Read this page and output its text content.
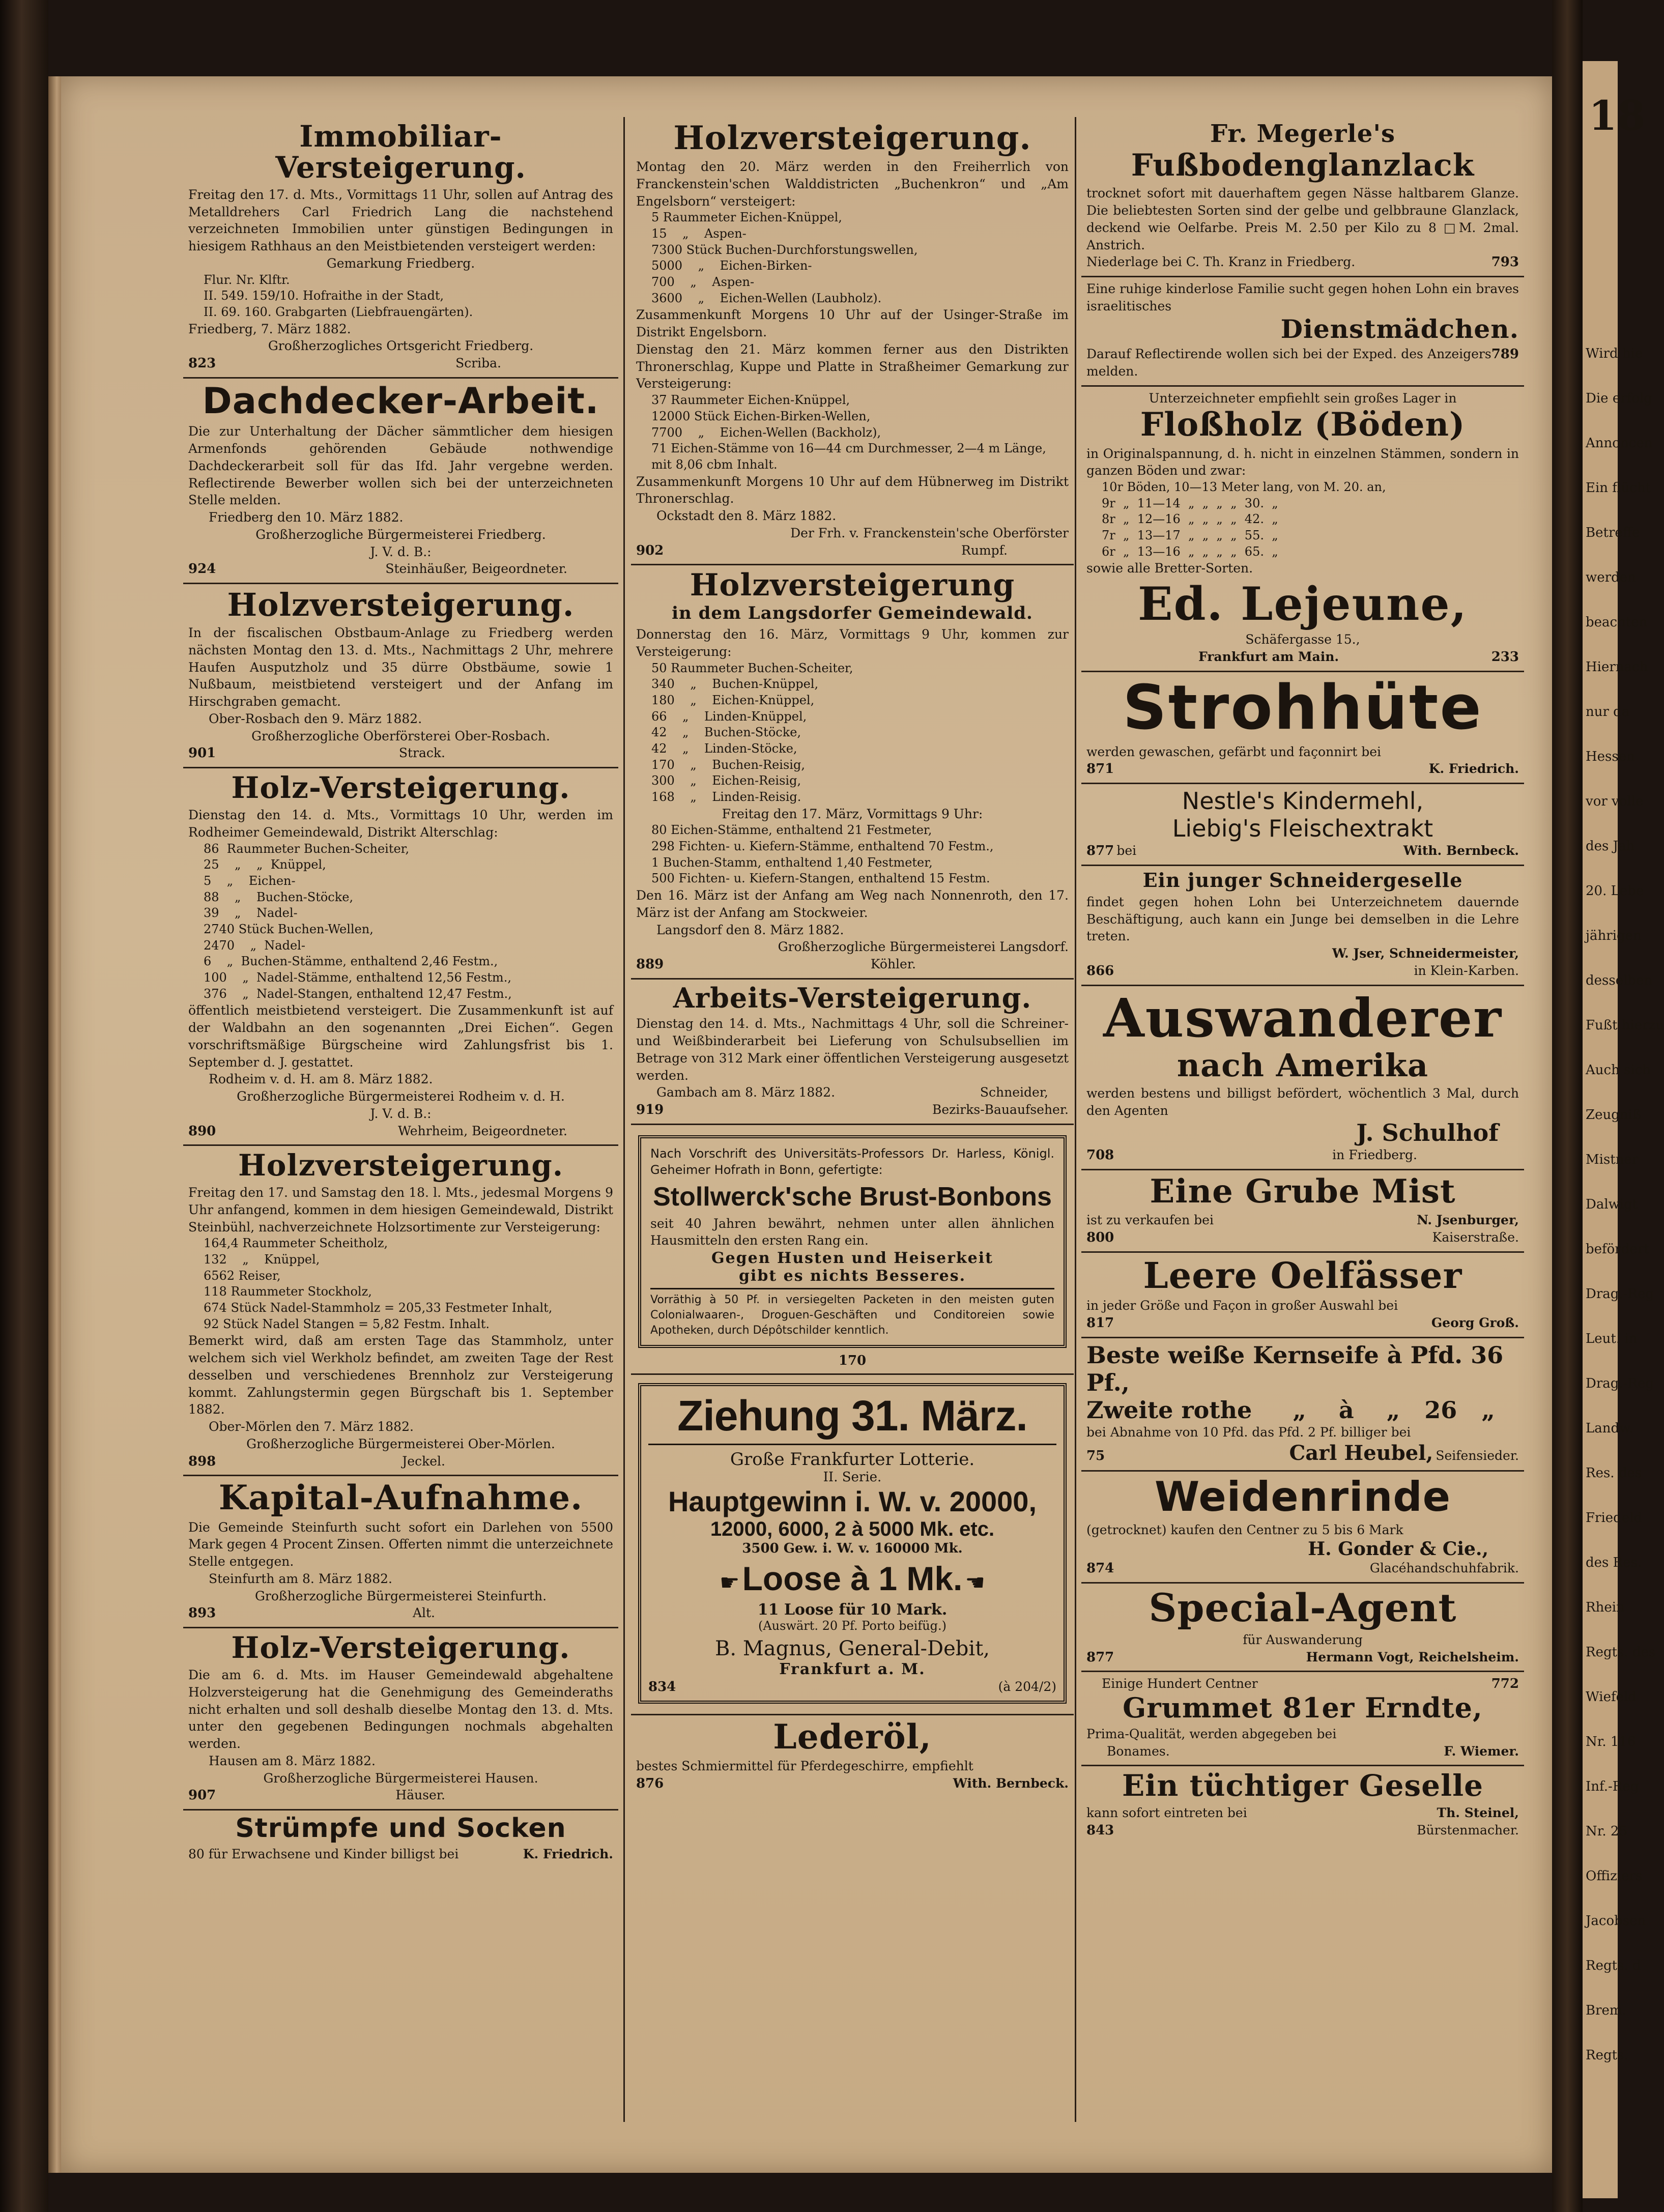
18
Wird hie
Die erfolg
Annoncen
Ein flücht
Betreffe
werden
beachten
Hiernach
nur da
Hessen
vor volle
des Jah
20. Lebe
jährigen
desselben
Fußt hierzu
Auch sich
Zeugniß
Mistner
Dalwigt
befördert
Drag.-Reg
Leut. in
Drag.-Reg
Landw.
Res. des
Friedeld
des Res.
Rhein
Regts. des
Wiefeld
Nr. 116
Inf.-Reg
Nr. 25
Offiziers
Jacobsen
Regts. d
Brem.
Regts.
Immobiliar-Versteigerung.
Freitag den 17. d. Mts., Vormittags 11 Uhr, sollen auf Antrag des Metalldrehers Carl Friedrich Lang die nachstehend verzeichneten Immobilien unter günstigen Bedingungen in hiesigem Rathhaus an den Meistbietenden versteigert werden:
Gemarkung Friedberg.
Flur. Nr. Klftr.
II. 549. 159/10. Hofraithe in der Stadt,
II. 69. 160. Grabgarten (Liebfrauengärten).
Friedberg, 7. März 1882.
Großherzogliches Ortsgericht Friedberg.
823	Scriba.
Dachdecker-Arbeit.
Die zur Unterhaltung der Dächer sämmtlicher dem hiesigen Armenfonds gehörenden Gebäude nothwendige Dachdeckerarbeit soll für das Ifd. Jahr vergebne werden. Reflectirende Bewerber wollen sich bei der unterzeichneten Stelle melden.
Friedberg den 10. März 1882.
Großherzogliche Bürgermeisterei Friedberg.
J. V. d. B.:
924	Steinhäußer, Beigeordneter.
Holzversteigerung.
In der fiscalischen Obstbaum-Anlage zu Friedberg werden nächsten Montag den 13. d. Mts., Nachmittags 2 Uhr, mehrere Haufen Ausputzholz und 35 dürre Obstbäume, sowie 1 Nußbaum, meistbietend versteigert und der Anfang im Hirschgraben gemacht.
Ober-Rosbach den 9. März 1882.
Großherzogliche Oberförsterei Ober-Rosbach.
901	Strack.
Holz-Versteigerung.
Dienstag den 14. d. Mts., Vormittags 10 Uhr, werden im Rodheimer Gemeindewald, Distrikt Alterschlag:
86  Raummeter Buchen-Scheiter,
25    „    „  Knüppel,
5    „    Eichen-
88    „    Buchen-Stöcke,
39    „    Nadel-
2740 Stück Buchen-Wellen,
2470    „  Nadel-
6    „  Buchen-Stämme, enthaltend 2,46 Festm.,
100    „  Nadel-Stämme, enthaltend 12,56 Festm.,
376    „  Nadel-Stangen, enthaltend 12,47 Festm.,
öffentlich meistbietend versteigert. Die Zusammenkunft ist auf der Waldbahn an den sogenannten „Drei Eichen“. Gegen vorschriftsmäßige Bürgscheine wird Zahlungsfrist bis 1. September d. J. gestattet.
Rodheim v. d. H. am 8. März 1882.
Großherzogliche Bürgermeisterei Rodheim v. d. H.
J. V. d. B.:
890	Wehrheim, Beigeordneter.
Holzversteigerung.
Freitag den 17. und Samstag den 18. l. Mts., jedesmal Morgens 9 Uhr anfangend, kommen in dem hiesigen Gemeindewald, Distrikt Steinbühl, nachverzeichnete Holzsortimente zur Versteigerung:
164,4 Raummeter Scheitholz,
132    „    Knüppel,
6562 Reiser,
118 Raummeter Stockholz,
674 Stück Nadel-Stammholz = 205,33 Festmeter Inhalt,
92 Stück Nadel Stangen = 5,82 Festm. Inhalt.
Bemerkt wird, daß am ersten Tage das Stammholz, unter welchem sich viel Werkholz befindet, am zweiten Tage der Rest desselben und verschiedenes Brennholz zur Versteigerung kommt. Zahlungstermin gegen Bürgschaft bis 1. September 1882.
Ober-Mörlen den 7. März 1882.
Großherzogliche Bürgermeisterei Ober-Mörlen.
898	Jeckel.
Kapital-Aufnahme.
Die Gemeinde Steinfurth sucht sofort ein Darlehen von 5500 Mark gegen 4 Procent Zinsen. Offerten nimmt die unterzeichnete Stelle entgegen.
Steinfurth am 8. März 1882.
Großherzogliche Bürgermeisterei Steinfurth.
893	Alt.
Holz-Versteigerung.
Die am 6. d. Mts. im Hauser Gemeindewald abgehaltene Holzversteigerung hat die Genehmigung des Gemeinderaths nicht erhalten und soll deshalb dieselbe Montag den 13. d. Mts. unter den gegebenen Bedingungen nochmals abgehalten werden.
Hausen am 8. März 1882.
Großherzogliche Bürgermeisterei Hausen.
907	Häuser.
Strümpfe und Socken
80 für Erwachsene und Kinder billigst bei	K. Friedrich.
Holzversteigerung.
Montag den 20. März werden in den Freiherrlich von Franckenstein'schen Walddistricten „Buchenkron“ und „Am Engelsborn“ versteigert:
5 Raummeter Eichen-Knüppel,
15    „    Aspen-
7300 Stück Buchen-Durchforstungswellen,
5000    „    Eichen-Birken-
700    „    Aspen-
3600    „    Eichen-Wellen (Laubholz).
Zusammenkunft Morgens 10 Uhr auf der Usinger-Straße im Distrikt Engelsborn.
Dienstag den 21. März kommen ferner aus den Distrikten Thronerschlag, Kuppe und Platte in Straßheimer Gemarkung zur Versteigerung:
37 Raummeter Eichen-Knüppel,
12000 Stück Eichen-Birken-Wellen,
7700    „    Eichen-Wellen (Backholz),
71 Eichen-Stämme von 16—44 cm Durchmesser, 2—4 m Länge, mit 8,06 cbm Inhalt.
Zusammenkunft Morgens 10 Uhr auf dem Hübnerweg im Distrikt Thronerschlag.
Ockstadt den 8. März 1882.
Der Frh. v. Franckenstein'sche Oberförster
902	Rumpf.
Holzversteigerung
in dem Langsdorfer Gemeindewald.
Donnerstag den 16. März, Vormittags 9 Uhr, kommen zur Versteigerung:
50 Raummeter Buchen-Scheiter,
340    „    Buchen-Knüppel,
180    „    Eichen-Knüppel,
66    „    Linden-Knüppel,
42    „    Buchen-Stöcke,
42    „    Linden-Stöcke,
170    „    Buchen-Reisig,
300    „    Eichen-Reisig,
168    „    Linden-Reisig.
Freitag den 17. März, Vormittags 9 Uhr:
80 Eichen-Stämme, enthaltend 21 Festmeter,
298 Fichten- u. Kiefern-Stämme, enthaltend 70 Festm.,
1 Buchen-Stamm, enthaltend 1,40 Festmeter,
500 Fichten- u. Kiefern-Stangen, enthaltend 15 Festm.
Den 16. März ist der Anfang am Weg nach Nonnenroth, den 17. März ist der Anfang am Stockweier.
Langsdorf den 8. März 1882.
Großherzogliche Bürgermeisterei Langsdorf.
889	Köhler.
Arbeits-Versteigerung.
Dienstag den 14. d. Mts., Nachmittags 4 Uhr, soll die Schreiner- und Weißbinderarbeit bei Lieferung von Schulsubsellien im Betrage von 312 Mark einer öffentlichen Versteigerung ausgesetzt werden.
Gambach am 8. März 1882.	Schneider,
919	Bezirks-Bauaufseher.
Nach Vorschrift des Universitäts-Professors Dr. Harless, Königl. Geheimer Hofrath in Bonn, gefertigte:
Stollwerck'sche Brust-Bonbons
seit 40 Jahren bewährt, nehmen unter allen ähnlichen Hausmitteln den ersten Rang ein.
Gegen Husten und Heiserkeit
gibt es nichts Besseres.
Vorräthig à 50 Pf. in versiegelten Packeten in den meisten guten Colonialwaaren-, Droguen-Geschäften und Conditoreien sowie Apotheken, durch Dépôtschilder kenntlich.
170
Ziehung 31. März.
Große Frankfurter Lotterie.
II. Serie.
Hauptgewinn i. W. v. 20000,
12000, 6000, 2 à 5000 Mk. etc.
3500 Gew. i. W. v. 160000 Mk.
☛ Loose à 1 Mk. ☚
11 Loose für 10 Mark.
(Auswärt. 20 Pf. Porto beifüg.)
B. Magnus, General-Debit,
Frankfurt a. M.
834	(à 204/2)
Lederöl,
bestes Schmiermittel für Pferdegeschirre, empfiehlt
876	With. Bernbeck.
Fr. Megerle's
Fußbodenglanzlack
trocknet sofort mit dauerhaftem gegen Nässe haltbarem Glanze. Die beliebtesten Sorten sind der gelbe und gelbbraune Glanzlack, deckend wie Oelfarbe. Preis M. 2.50 per Kilo zu 8 □M. 2mal. Anstrich.
Niederlage bei C. Th. Kranz in Friedberg.	793
Eine ruhige kinderlose Familie sucht gegen hohen Lohn ein braves israelitisches
Dienstmädchen.
Darauf Reflectirende wollen sich bei der Exped. des Anzeigers melden.
789
Unterzeichneter empfiehlt sein großes Lager in
Floßholz (Böden)
in Originalspannung, d. h. nicht in einzelnen Stämmen, sondern in ganzen Böden und zwar:
10r Böden, 10—13 Meter lang, von M. 20. an,
9r  „  11—14  „  „  „  „  30.  „
8r  „  12—16  „  „  „  „  42.  „
7r  „  13—17  „  „  „  „  55.  „
6r  „  13—16  „  „  „  „  65.  „
sowie alle Bretter-Sorten.
Ed. Lejeune,
Schäfergasse 15.,
Frankfurt am Main.	233
Strohhüte
werden gewaschen, gefärbt und façonnirt bei
871	K. Friedrich.
Nestle's Kindermehl,
Liebig's Fleischextrakt
877 bei	With. Bernbeck.
Ein junger Schneidergeselle
findet gegen hohen Lohn bei Unterzeichnetem dauernde Beschäftigung, auch kann ein Junge bei demselben in die Lehre treten.
W. Jser, Schneidermeister,
866	in Klein-Karben.
Auswanderer
nach Amerika
werden bestens und billigst befördert, wöchentlich 3 Mal, durch den Agenten
J. Schulhof
708	in Friedberg.
Eine Grube Mist
ist zu verkaufen bei	N. Jsenburger,
800	Kaiserstraße.
Leere Oelfässer
in jeder Größe und Façon in großer Auswahl bei
817	Georg Groß.
Beste weiße Kernseife à Pfd. 36 Pf.,
Zweite rothe     „    à    „   26   „
bei Abnahme von 10 Pfd. das Pfd. 2 Pf. billiger bei
75	Carl Heubel, Seifensieder.
Weidenrinde
(getrocknet) kaufen den Centner zu 5 bis 6 Mark
H. Gonder & Cie.,
874	Glacéhandschuhfabrik.
Special-Agent
für Auswanderung
877	Hermann Vogt, Reichelsheim.
Einige Hundert Centner	772
Grummet 81er Erndte,
Prima-Qualität, werden abgegeben bei
Bonames.	F. Wiemer.
Ein tüchtiger Geselle
kann sofort eintreten bei	Th. Steinel,
843	Bürstenmacher.
